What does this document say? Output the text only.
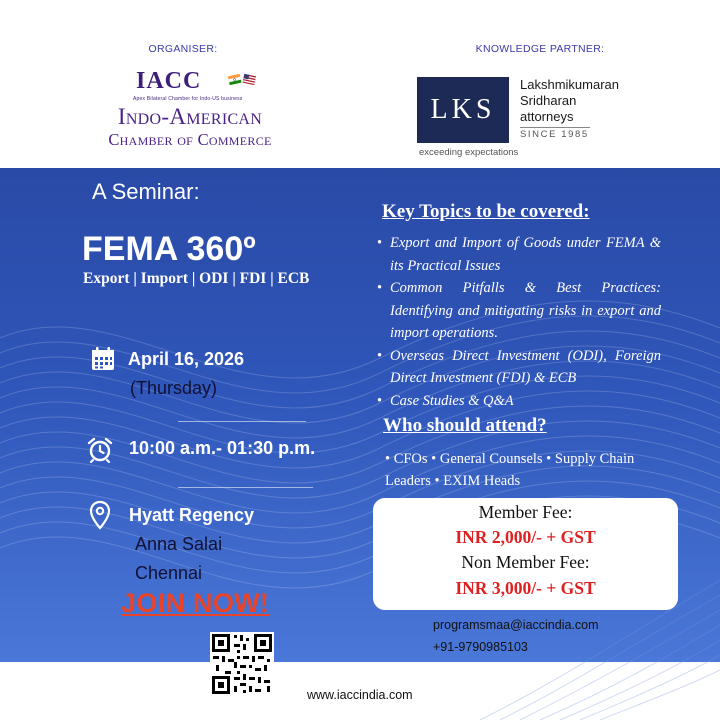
ORGANISER:	KNOWLEDGE PARTNER:
IACC
Apex Bilateral Chamber for Indo-US business
Indo-American
Chamber of Commerce
LKS
Lakshmikumaran
Sridharan
attorneys
SINCE 1985
exceeding expectations
A Seminar:
FEMA 360º
Export | Import | ODI | FDI | ECB
April 16, 2026
(Thursday)
10:00 a.m.- 01:30 p.m.
Hyatt Regency
Anna Salai
Chennai
JOIN NOW!
Key Topics to be covered:
• Export and Import of Goods under FEMA & its Practical Issues
• Common Pitfalls & Best Practices: Identifying and mitigating risks in export and import operations.
• Overseas Direct Investment (ODI), Foreign Direct Investment (FDI) & ECB
• Case Studies & Q&A
Who should attend?
• CFOs • General Counsels • Supply Chain Leaders • EXIM Heads
Member Fee:
INR 2,000/- + GST
Non Member Fee:
INR 3,000/- + GST
programsmaa@iaccindia.com
+91-9790985103
www.iaccindia.com
